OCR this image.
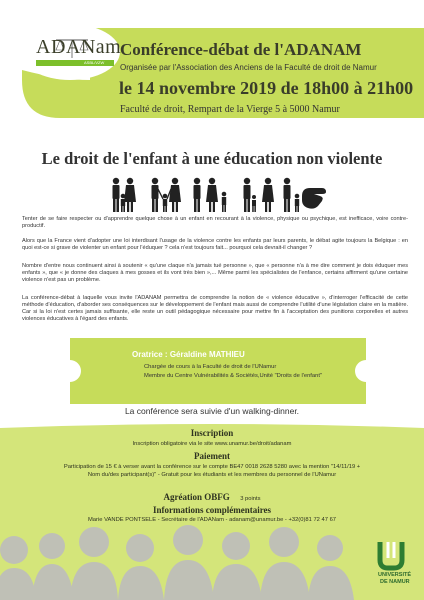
ADANam
ASBL/VZW
Conférence-débat de l'ADANAM
Organisée par l'Association des Anciens de la Faculté de droit de Namur
le 14 novembre 2019 de 18h00 à 21h00
Faculté de droit, Rempart de la Vierge 5 à 5000 Namur
Le droit de l'enfant à une éducation non violente
Tenter de se faire respecter ou d'apprendre quelque chose à un enfant en recourant à la violence, physique ou psychique, est inefficace, voire contre-productif.
Alors que la France vient d'adopter une loi interdisant l'usage de la violence contre les enfants par leurs parents, le débat agite toujours la Belgique : en quoi est-ce si grave de violenter un enfant pour l'éduquer ? cela n'est toujours fait... pourquoi cela devrait-il changer ?
Nombre d'entre nous continuent ainsi à soutenir « qu'une claque n'a jamais tué personne », que « personne n'a à me dire comment je dois éduquer mes enfants », que « je donne des claques à mes gosses et ils vont très bien »,... Même parmi les spécialistes de l'enfance, certains affirment qu'une certaine violence n'est pas un problème.
La conférence-débat à laquelle vous invite l'ADANAM permettra de comprendre la notion de « violence éducative », d'interroger l'efficacité de cette méthode d'éducation, d'aborder ses conséquences sur le développement de l'enfant mais aussi de comprendre l'utilité d'une législation claire en la matière. Car si la loi n'est certes jamais suffisante, elle reste un outil pédagogique nécessaire pour mettre fin à l'acceptation des punitions corporelles et autres violences éducatives à l'égard des enfants.
Oratrice : Géraldine MATHIEU
Chargée de cours à la Faculté de droit de l'UNamur
Membre du Centre Vulnérabilités & Sociétés,Unité "Droits de l'enfant"
La conférence sera suivie d'un walking-dinner.
Inscription
Inscription obligatoire via le site www.unamur.be/droit/adanam
Paiement
Participation de 15 € à verser avant la conférence sur le compte BE47 0018 2628 5280 avec la mention "14/11/19 +
Nom du/des participant(s)" - Gratuit pour les étudiants et les membres du personnel de l'UNamur
Agréation OBFG 3 points
Informations complémentaires
Marie VANDE PONTSELE - Secrétaire de l'ADANam - adanam@unamur.be - +32(0)81 72 47 67
UNIVERSITÉ
DE NAMUR
